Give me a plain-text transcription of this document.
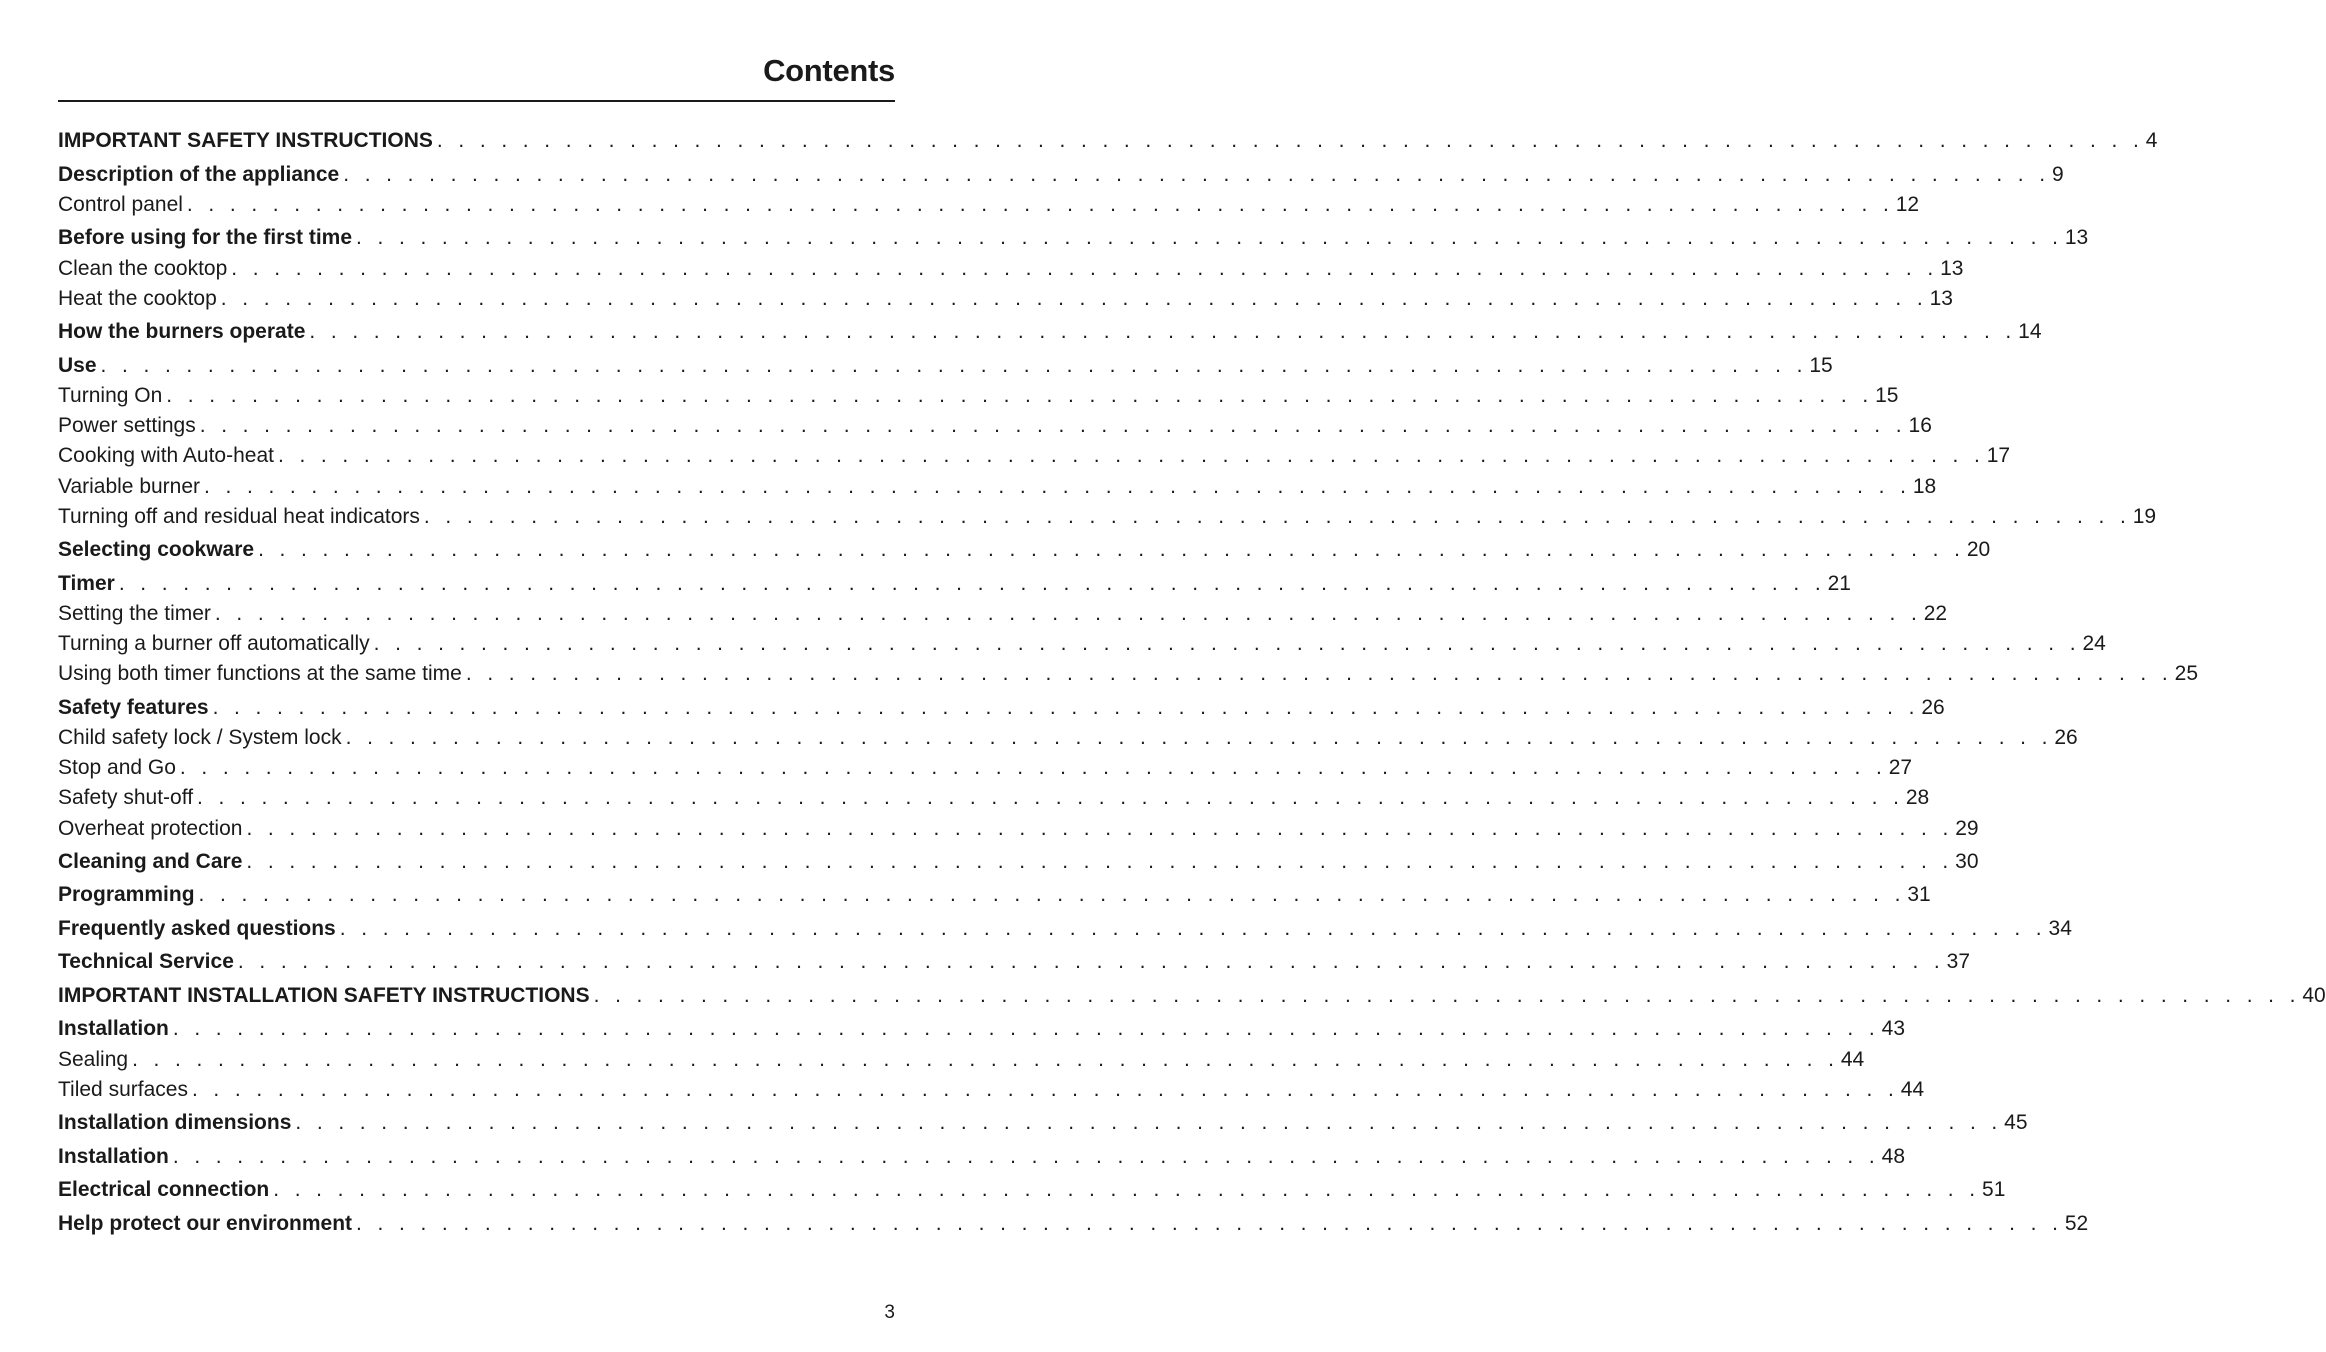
Contents
IMPORTANT SAFETY INSTRUCTIONS . . . . . . . . . . . . . . . . . . . . . . . . . . . . . . . . . . . . . . . . . . . . . . . . . . . . . . . . . . . . . . . . . . . . . . . . . . . . . . . . 4
Description of the appliance . . . . . . . . . . . . . . . . . . . . . . . . . . . . . . . . . . . . . . . . . . . . . . . . . . . . . . . . . . . . . . . . . . . . . . . . . . . . . . . . 9
Control panel . . . . . . . . . . . . . . . . . . . . . . . . . . . . . . . . . . . . . . . . . . . . . . . . . . . . . . . . . . . . . . . . . . . . . . . . . . . . . . . . 12
Before using for the first time . . . . . . . . . . . . . . . . . . . . . . . . . . . . . . . . . . . . . . . . . . . . . . . . . . . . . . . . . . . . . . . . . . . . . . . . . . . . . . . . 13
Clean the cooktop . . . . . . . . . . . . . . . . . . . . . . . . . . . . . . . . . . . . . . . . . . . . . . . . . . . . . . . . . . . . . . . . . . . . . . . . . . . . . . . . 13
Heat the cooktop . . . . . . . . . . . . . . . . . . . . . . . . . . . . . . . . . . . . . . . . . . . . . . . . . . . . . . . . . . . . . . . . . . . . . . . . . . . . . . . . 13
How the burners operate . . . . . . . . . . . . . . . . . . . . . . . . . . . . . . . . . . . . . . . . . . . . . . . . . . . . . . . . . . . . . . . . . . . . . . . . . . . . . . . . 14
Use . . . . . . . . . . . . . . . . . . . . . . . . . . . . . . . . . . . . . . . . . . . . . . . . . . . . . . . . . . . . . . . . . . . . . . . . . . . . . . . . 15
Turning On . . . . . . . . . . . . . . . . . . . . . . . . . . . . . . . . . . . . . . . . . . . . . . . . . . . . . . . . . . . . . . . . . . . . . . . . . . . . . . . . 15
Power settings . . . . . . . . . . . . . . . . . . . . . . . . . . . . . . . . . . . . . . . . . . . . . . . . . . . . . . . . . . . . . . . . . . . . . . . . . . . . . . . . 16
Cooking with Auto-heat . . . . . . . . . . . . . . . . . . . . . . . . . . . . . . . . . . . . . . . . . . . . . . . . . . . . . . . . . . . . . . . . . . . . . . . . . . . . . . . . 17
Variable burner . . . . . . . . . . . . . . . . . . . . . . . . . . . . . . . . . . . . . . . . . . . . . . . . . . . . . . . . . . . . . . . . . . . . . . . . . . . . . . . . 18
Turning off and residual heat indicators . . . . . . . . . . . . . . . . . . . . . . . . . . . . . . . . . . . . . . . . . . . . . . . . . . . . . . . . . . . . . . . . . . . . . . . . . . . . . . . . 19
Selecting cookware . . . . . . . . . . . . . . . . . . . . . . . . . . . . . . . . . . . . . . . . . . . . . . . . . . . . . . . . . . . . . . . . . . . . . . . . . . . . . . . . 20
Timer . . . . . . . . . . . . . . . . . . . . . . . . . . . . . . . . . . . . . . . . . . . . . . . . . . . . . . . . . . . . . . . . . . . . . . . . . . . . . . . . 21
Setting the timer . . . . . . . . . . . . . . . . . . . . . . . . . . . . . . . . . . . . . . . . . . . . . . . . . . . . . . . . . . . . . . . . . . . . . . . . . . . . . . . . 22
Turning a burner off automatically . . . . . . . . . . . . . . . . . . . . . . . . . . . . . . . . . . . . . . . . . . . . . . . . . . . . . . . . . . . . . . . . . . . . . . . . . . . . . . . . 24
Using both timer functions at the same time . . . . . . . . . . . . . . . . . . . . . . . . . . . . . . . . . . . . . . . . . . . . . . . . . . . . . . . . . . . . . . . . . . . . . . . . . . . . . . . . 25
Safety features . . . . . . . . . . . . . . . . . . . . . . . . . . . . . . . . . . . . . . . . . . . . . . . . . . . . . . . . . . . . . . . . . . . . . . . . . . . . . . . . 26
Child safety lock / System lock . . . . . . . . . . . . . . . . . . . . . . . . . . . . . . . . . . . . . . . . . . . . . . . . . . . . . . . . . . . . . . . . . . . . . . . . . . . . . . . . 26
Stop and Go . . . . . . . . . . . . . . . . . . . . . . . . . . . . . . . . . . . . . . . . . . . . . . . . . . . . . . . . . . . . . . . . . . . . . . . . . . . . . . . . 27
Safety shut-off . . . . . . . . . . . . . . . . . . . . . . . . . . . . . . . . . . . . . . . . . . . . . . . . . . . . . . . . . . . . . . . . . . . . . . . . . . . . . . . . 28
Overheat protection . . . . . . . . . . . . . . . . . . . . . . . . . . . . . . . . . . . . . . . . . . . . . . . . . . . . . . . . . . . . . . . . . . . . . . . . . . . . . . . . 29
Cleaning and Care . . . . . . . . . . . . . . . . . . . . . . . . . . . . . . . . . . . . . . . . . . . . . . . . . . . . . . . . . . . . . . . . . . . . . . . . . . . . . . . . 30
Programming . . . . . . . . . . . . . . . . . . . . . . . . . . . . . . . . . . . . . . . . . . . . . . . . . . . . . . . . . . . . . . . . . . . . . . . . . . . . . . . . 31
Frequently asked questions . . . . . . . . . . . . . . . . . . . . . . . . . . . . . . . . . . . . . . . . . . . . . . . . . . . . . . . . . . . . . . . . . . . . . . . . . . . . . . . . 34
Technical Service . . . . . . . . . . . . . . . . . . . . . . . . . . . . . . . . . . . . . . . . . . . . . . . . . . . . . . . . . . . . . . . . . . . . . . . . . . . . . . . . 37
IMPORTANT INSTALLATION SAFETY INSTRUCTIONS . . . . . . . . . . . . . . . . . . . . . . . . . . . . . . . . . . . . . . . . . . . . . . . . . . . . . . . . . . . . . . . . . . . . . . . . . . . . . . . . 40
Installation . . . . . . . . . . . . . . . . . . . . . . . . . . . . . . . . . . . . . . . . . . . . . . . . . . . . . . . . . . . . . . . . . . . . . . . . . . . . . . . . 43
Sealing . . . . . . . . . . . . . . . . . . . . . . . . . . . . . . . . . . . . . . . . . . . . . . . . . . . . . . . . . . . . . . . . . . . . . . . . . . . . . . . . 44
Tiled surfaces . . . . . . . . . . . . . . . . . . . . . . . . . . . . . . . . . . . . . . . . . . . . . . . . . . . . . . . . . . . . . . . . . . . . . . . . . . . . . . . . 44
Installation dimensions . . . . . . . . . . . . . . . . . . . . . . . . . . . . . . . . . . . . . . . . . . . . . . . . . . . . . . . . . . . . . . . . . . . . . . . . . . . . . . . . 45
Installation . . . . . . . . . . . . . . . . . . . . . . . . . . . . . . . . . . . . . . . . . . . . . . . . . . . . . . . . . . . . . . . . . . . . . . . . . . . . . . . . 48
Electrical connection . . . . . . . . . . . . . . . . . . . . . . . . . . . . . . . . . . . . . . . . . . . . . . . . . . . . . . . . . . . . . . . . . . . . . . . . . . . . . . . . 51
Help protect our environment . . . . . . . . . . . . . . . . . . . . . . . . . . . . . . . . . . . . . . . . . . . . . . . . . . . . . . . . . . . . . . . . . . . . . . . . . . . . . . . . 52
3
